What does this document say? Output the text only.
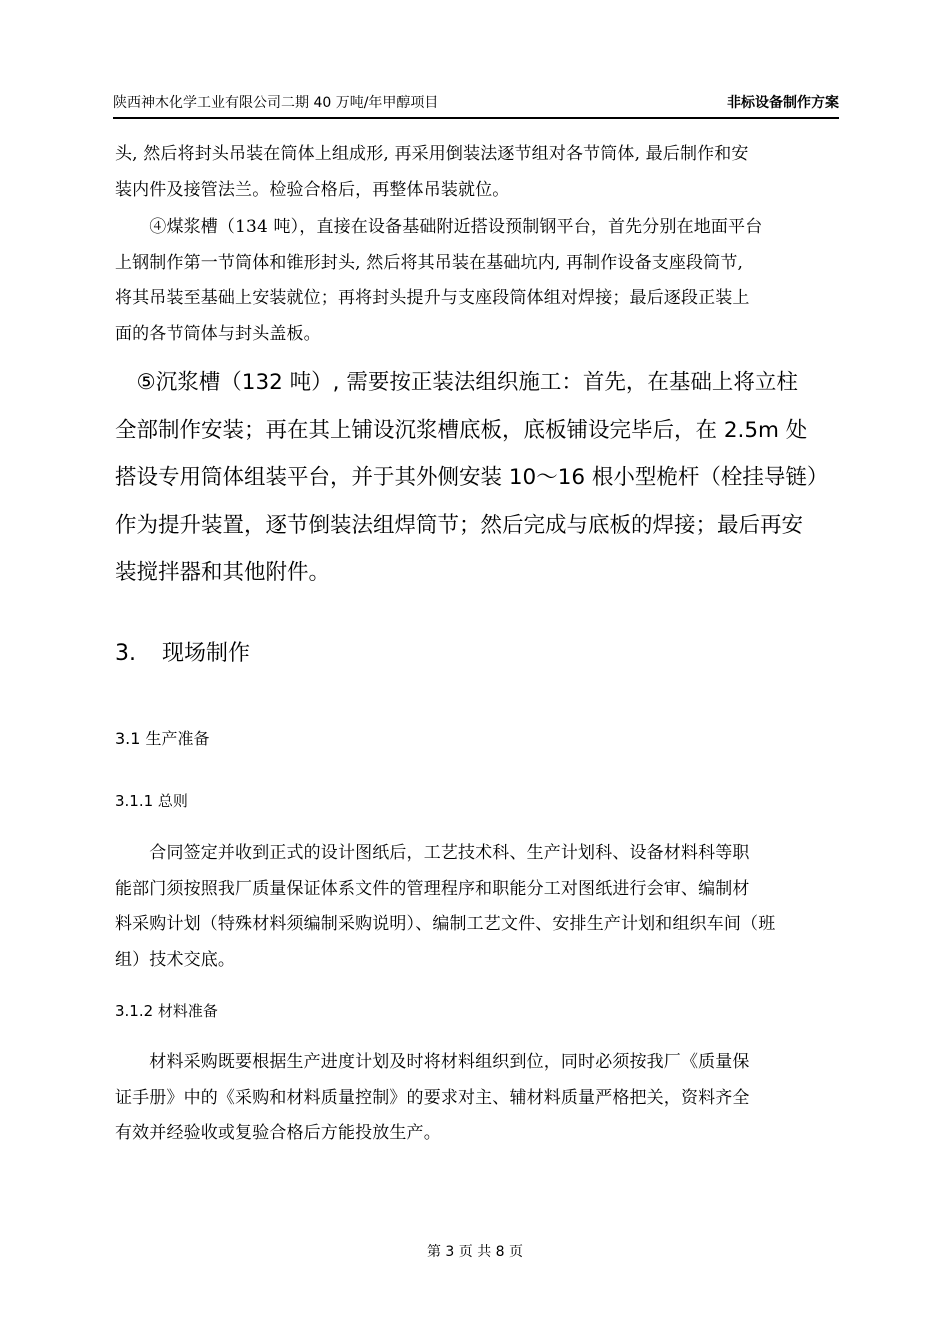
陕西神木化学工业有限公司二期 40 万吨/年甲醇项目	非标设备制作方案
头, 然后将封头吊装在筒体上组成形, 再采用倒装法逐节组对各节筒体, 最后制作和安
装内件及接管法兰。检验合格后，再整体吊装就位。
　　④煤浆槽（134 吨），直接在设备基础附近搭设预制钢平台，首先分别在地面平台
上钢制作第一节筒体和锥形封头, 然后将其吊装在基础坑内, 再制作设备支座段筒节,
将其吊装至基础上安装就位；再将封头提升与支座段筒体组对焊接；最后逐段正装上
面的各节筒体与封头盖板。
　⑤沉浆槽（132 吨）, 需要按正装法组织施工：首先，在基础上将立柱
全部制作安装；再在其上铺设沉浆槽底板，底板铺设完毕后，在 2.5m 处
搭设专用筒体组装平台，并于其外侧安装 10～16 根小型桅杆（栓挂导链）
作为提升装置，逐节倒装法组焊筒节；然后完成与底板的焊接；最后再安
装搅拌器和其他附件。
3. 现场制作
3.1 生产准备
3.1.1 总则
　　合同签定并收到正式的设计图纸后，工艺技术科、生产计划科、设备材料科等职
能部门须按照我厂质量保证体系文件的管理程序和职能分工对图纸进行会审、编制材
料采购计划（特殊材料须编制采购说明）、编制工艺文件、安排生产计划和组织车间（班
组）技术交底。
3.1.2 材料准备
　　材料采购既要根据生产进度计划及时将材料组织到位，同时必须按我厂《质量保
证手册》中的《采购和材料质量控制》的要求对主、辅材料质量严格把关，资料齐全
有效并经验收或复验合格后方能投放生产。
第 3 页 共 8 页
